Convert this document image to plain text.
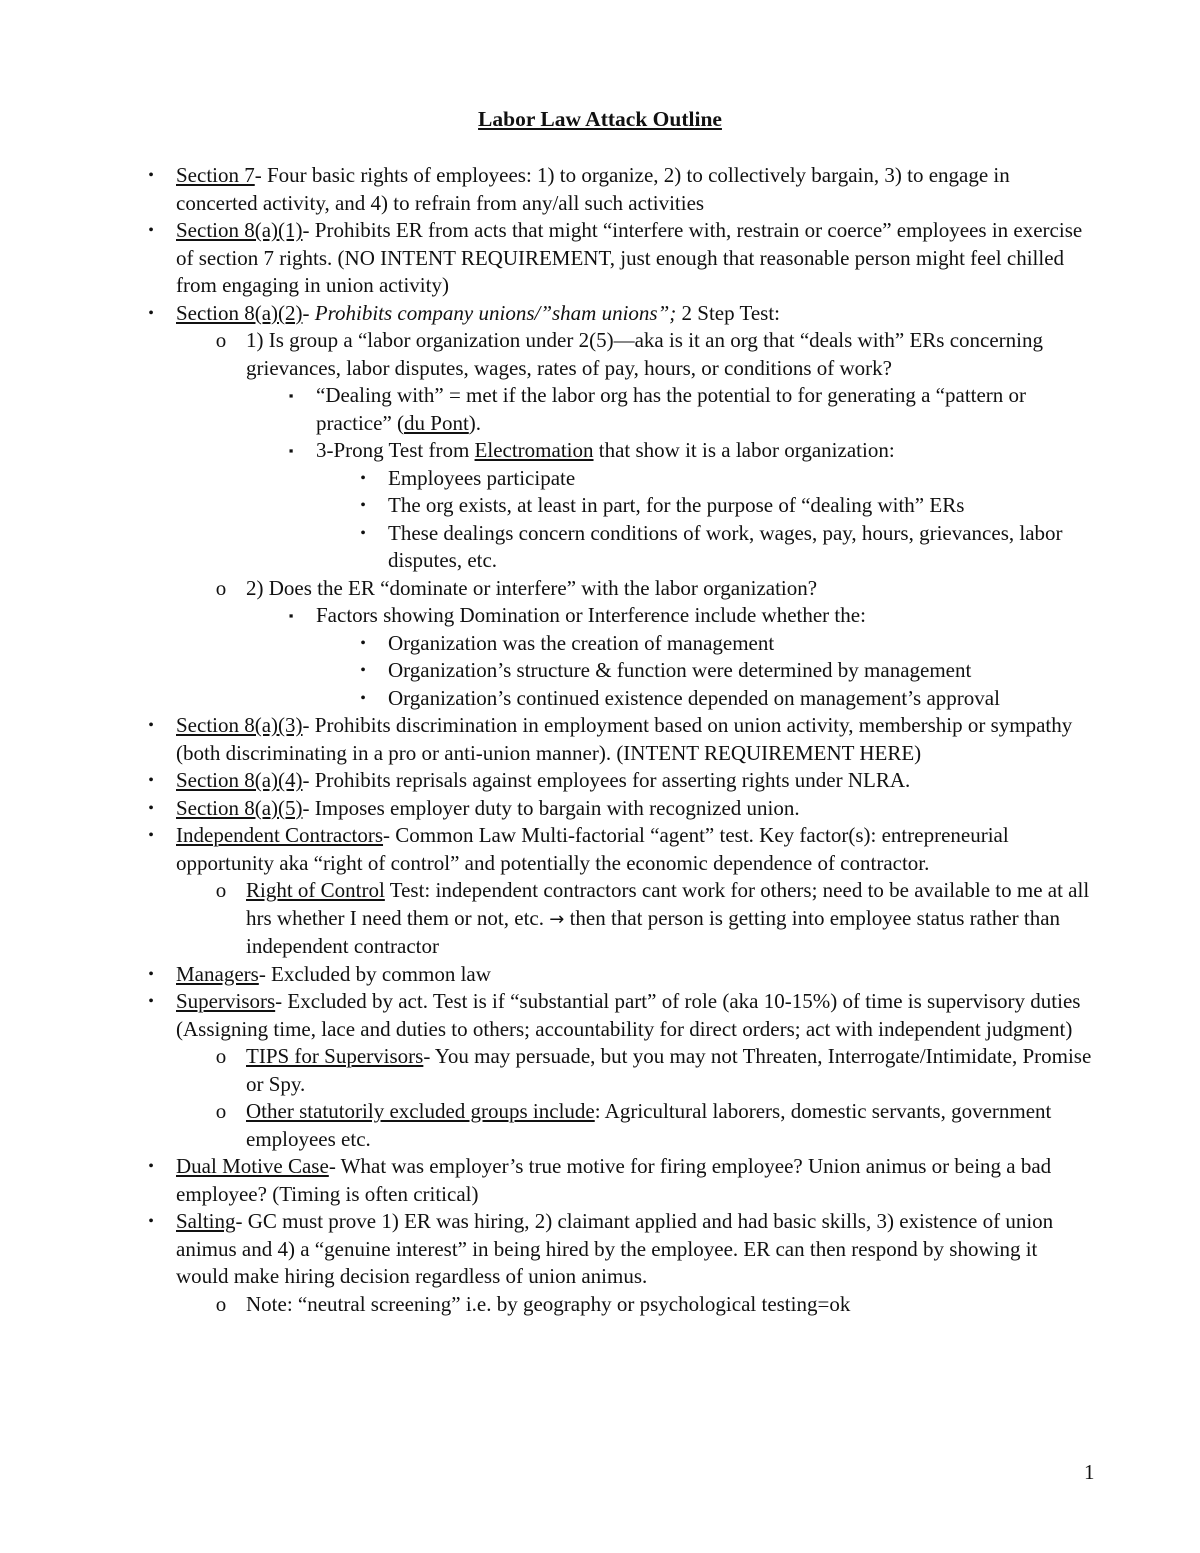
Labor Law Attack Outline
•	Section 7- Four basic rights of employees: 1) to organize, 2) to collectively bargain, 3) to engage in concerted activity, and 4) to refrain from any/all such activities
•	Section 8(a)(1)- Prohibits ER from acts that might “interfere with, restrain or coerce” employees in exercise of section 7 rights. (NO INTENT REQUIREMENT, just enough that reasonable person might feel chilled from engaging in union activity)
•	Section 8(a)(2)- Prohibits company unions/”sham unions”; 2 Step Test:
o 1) Is group a “labor organization under 2(5)—aka is it an org that “deals with” ERs concerning grievances, labor disputes, wages, rates of pay, hours, or conditions of work?
▪	“Dealing with” = met if the labor org has the potential to for generating a “pattern or practice” (du Pont).
▪	3-Prong Test from Electromation that show it is a labor organization:
•	Employees participate
•	The org exists, at least in part, for the purpose of “dealing with” ERs
•	These dealings concern conditions of work, wages, pay, hours, grievances, labor disputes, etc.
o 2) Does the ER “dominate or interfere” with the labor organization?
▪	Factors showing Domination or Interference include whether the:
•	Organization was the creation of management
•	Organization’s structure & function were determined by management
•	Organization’s continued existence depended on management’s approval
•	Section 8(a)(3)- Prohibits discrimination in employment based on union activity, membership or sympathy (both discriminating in a pro or anti-union manner). (INTENT REQUIREMENT HERE)
•	Section 8(a)(4)- Prohibits reprisals against employees for asserting rights under NLRA.
•	Section 8(a)(5)- Imposes employer duty to bargain with recognized union.
•	Independent Contractors- Common Law Multi-factorial “agent” test. Key factor(s): entrepreneurial opportunity aka “right of control” and potentially the economic dependence of contractor.
o Right of Control Test: independent contractors cant work for others; need to be available to me at all hrs whether I need them or not, etc. → then that person is getting into employee status rather than independent contractor
•	Managers- Excluded by common law
•	Supervisors- Excluded by act. Test is if “substantial part” of role (aka 10-15%) of time is supervisory duties (Assigning time, lace and duties to others; accountability for direct orders; act with independent judgment)
o TIPS for Supervisors- You may persuade, but you may not Threaten, Interrogate/Intimidate, Promise or Spy.
o Other statutorily excluded groups include: Agricultural laborers, domestic servants, government employees etc.
•	Dual Motive Case- What was employer’s true motive for firing employee? Union animus or being a bad employee? (Timing is often critical)
•	Salting- GC must prove 1) ER was hiring, 2) claimant applied and had basic skills, 3) existence of union animus and 4) a “genuine interest” in being hired by the employee. ER can then respond by showing it would make hiring decision regardless of union animus.
o Note: “neutral screening” i.e. by geography or psychological testing=ok
1
